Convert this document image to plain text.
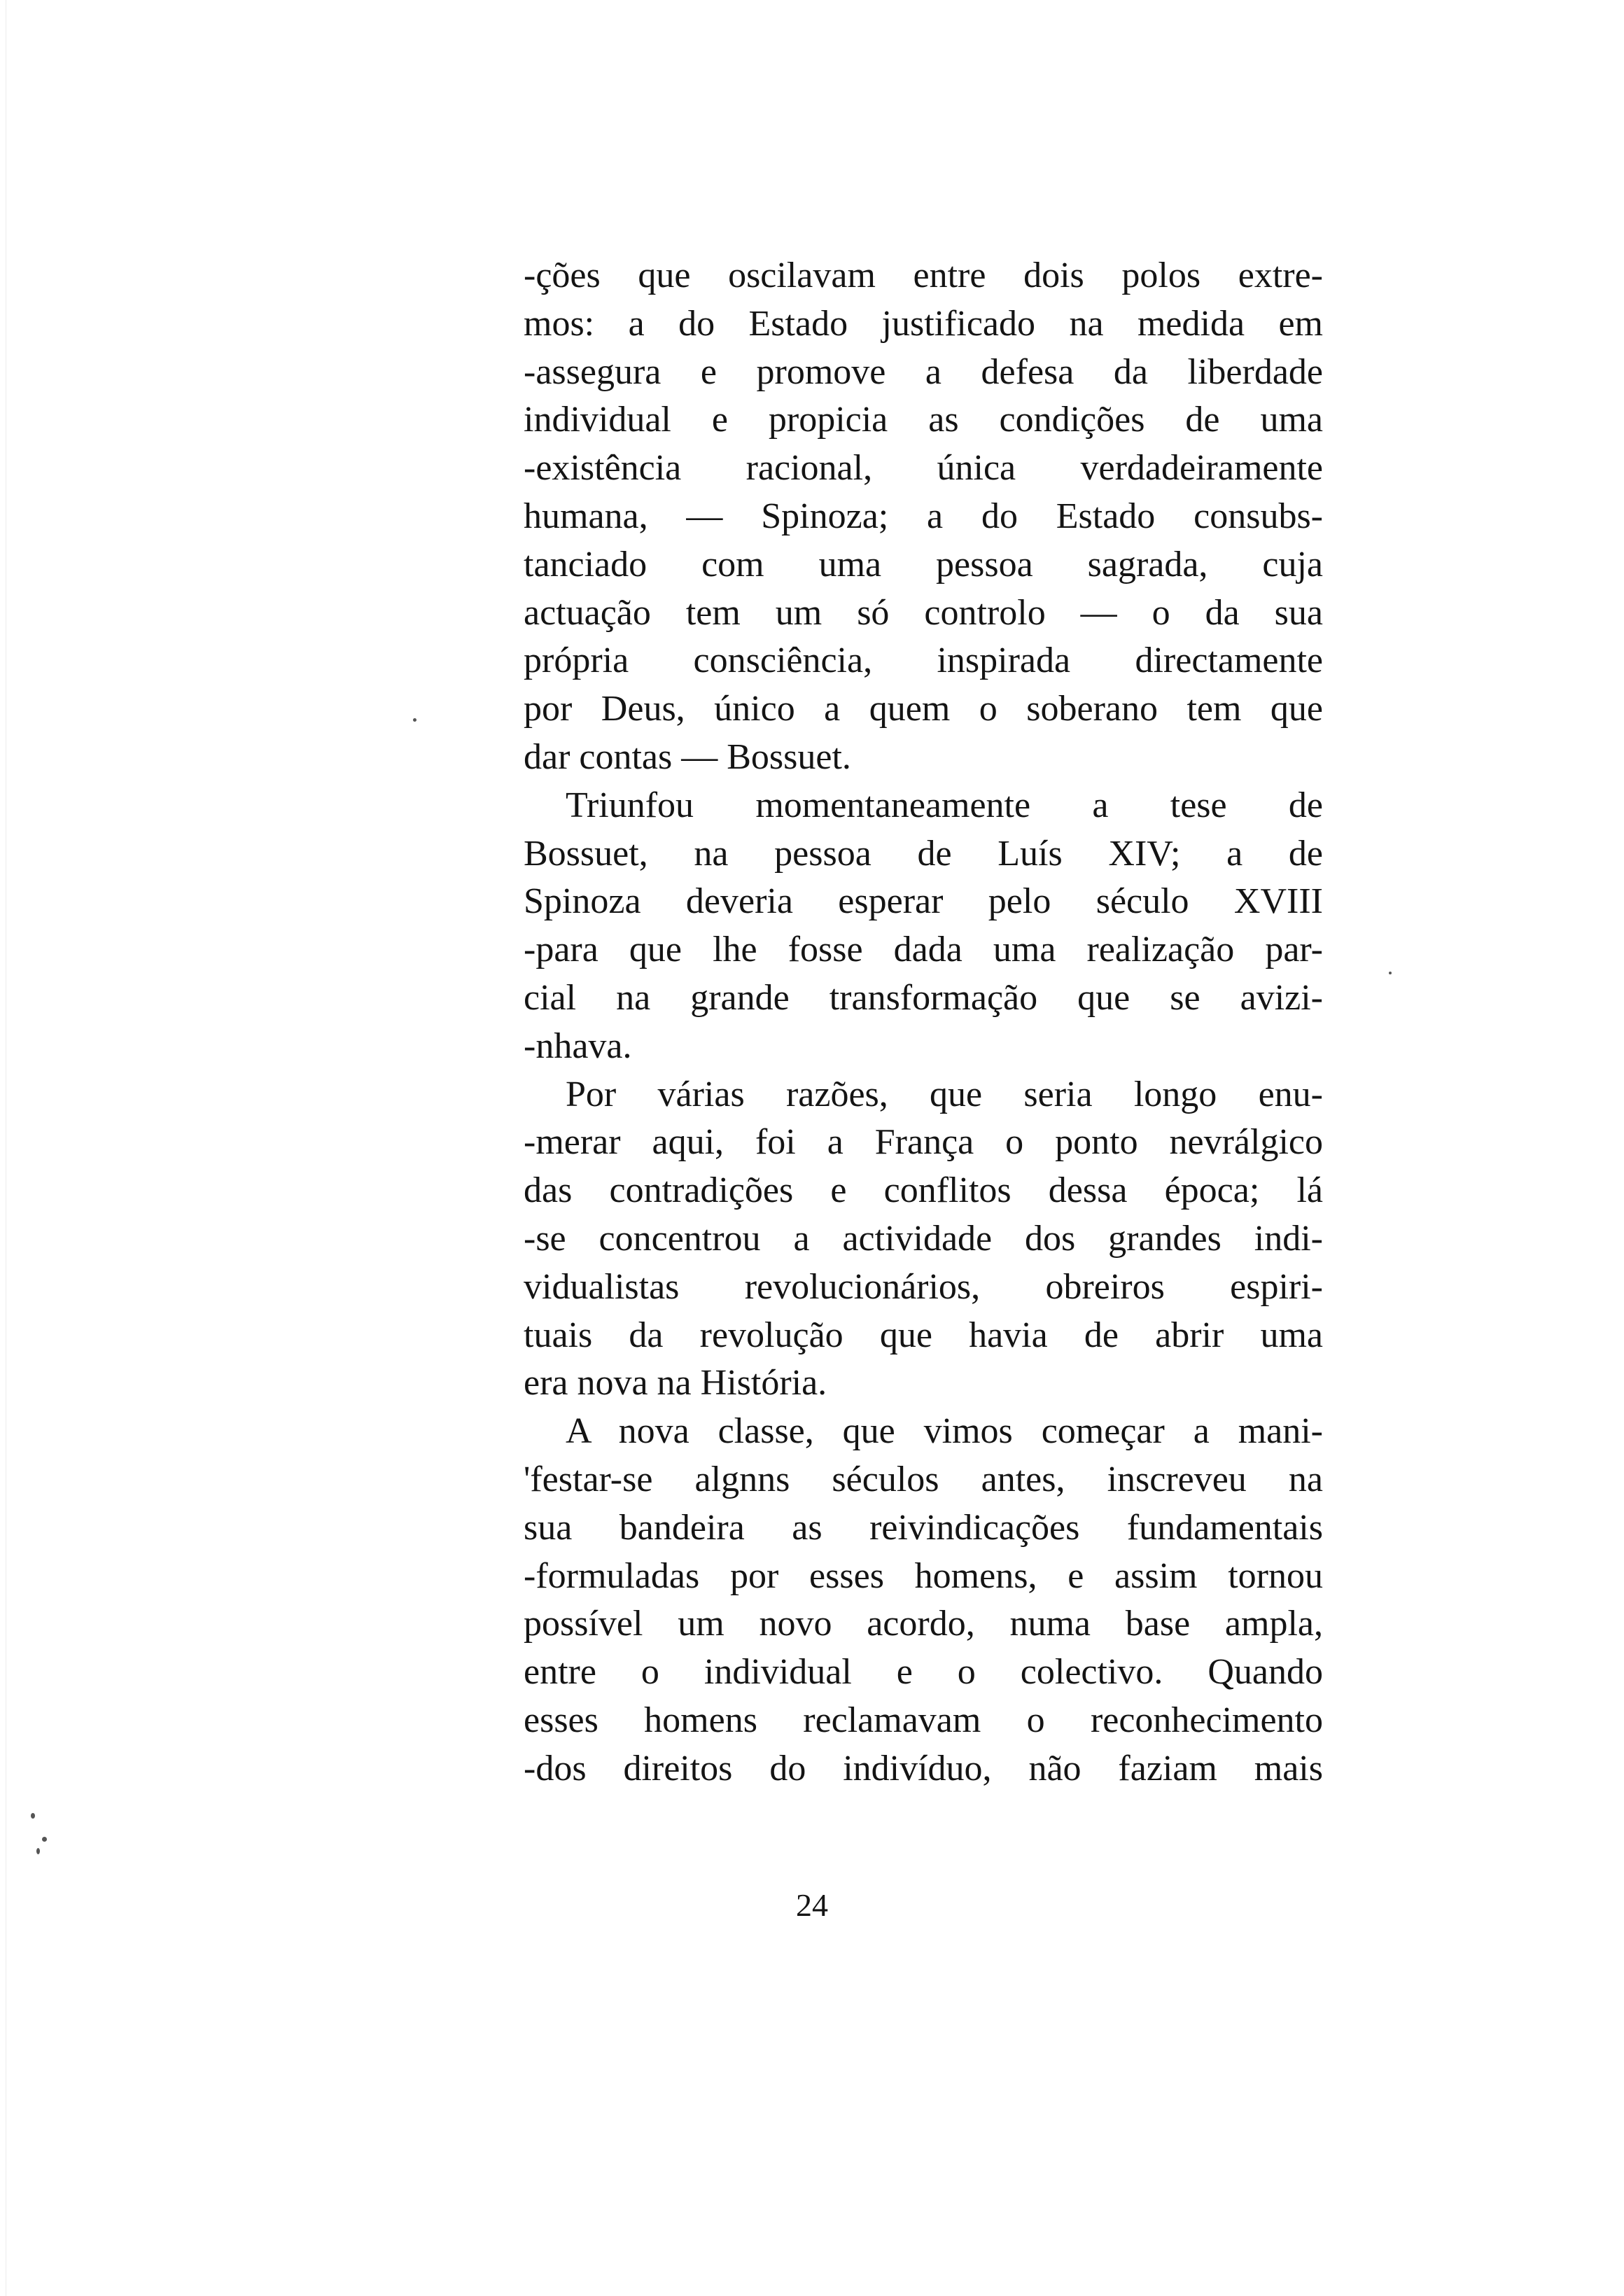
-ções que oscilavam entre dois polos extre-
mos: a do Estado justificado na medida em
-assegura e promove a defesa da liberdade
individual e propicia as condições de uma
-existência racional, única verdadeiramente
humana, — Spinoza; a do Estado consubs-
tanciado com uma pessoa sagrada, cuja
actuação tem um só controlo — o da sua
própria consciência, inspirada directamente
por Deus, único a quem o soberano tem que
dar contas — Bossuet.
Triunfou momentaneamente a tese de
Bossuet, na pessoa de Luís XIV; a de
Spinoza deveria esperar pelo século XVIII
-para que lhe fosse dada uma realização par-
cial na grande transformação que se avizi-
-nhava.
Por várias razões, que seria longo enu-
-merar aqui, foi a França o ponto nevrálgico
das contradições e conflitos dessa época; lá
-se concentrou a actividade dos grandes indi-
vidualistas revolucionários, obreiros espiri-
tuais da revolução que havia de abrir uma
era nova na História.
A nova classe, que vimos começar a mani-
'festar-se algnns séculos antes, inscreveu na
sua bandeira as reivindicações fundamentais
-formuladas por esses homens, e assim tornou
possível um novo acordo, numa base ampla,
entre o individual e o colectivo. Quando
esses homens reclamavam o reconhecimento
-dos direitos do indivíduo, não faziam mais
24
